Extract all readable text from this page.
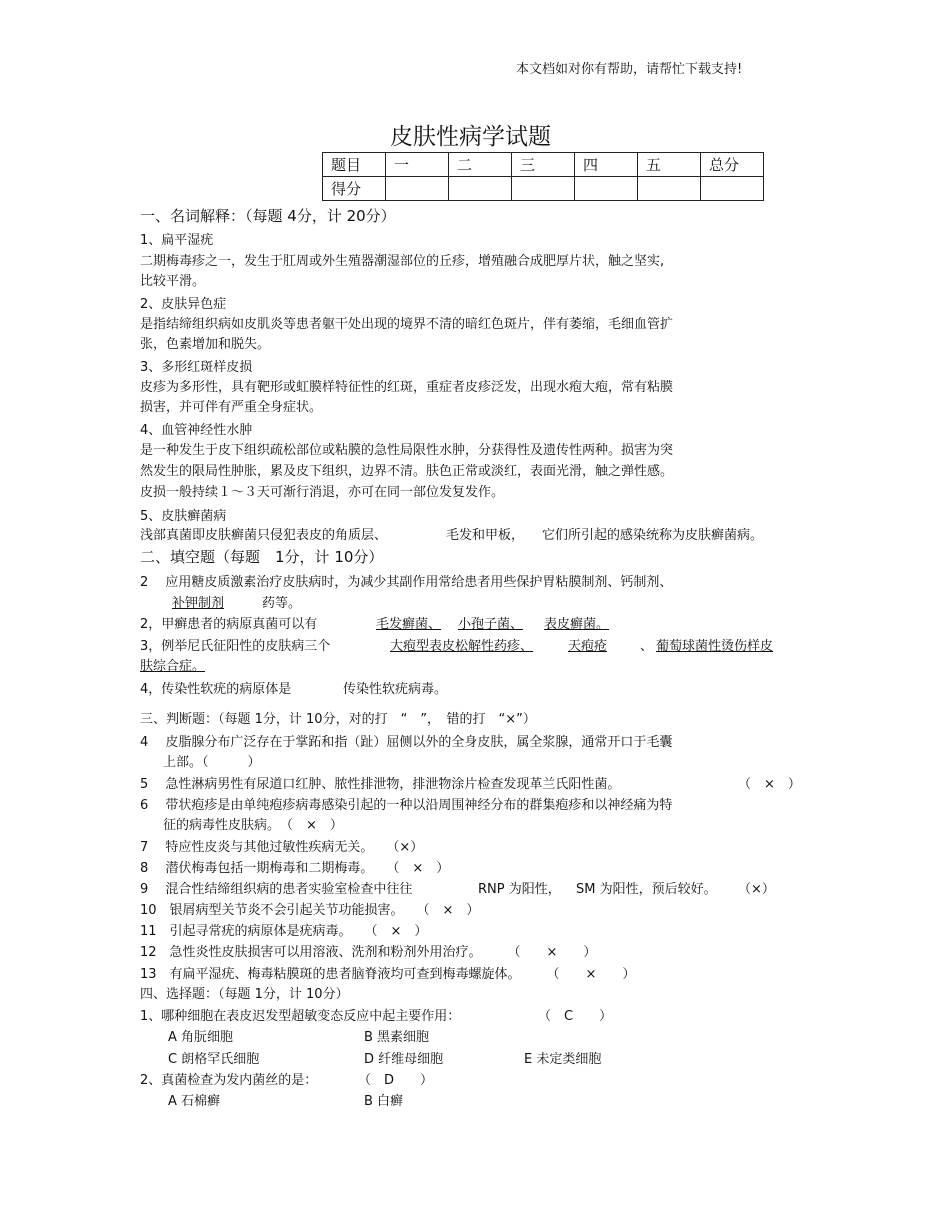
本文档如对你有帮助，请帮忙下载支持!
皮肤性病学试题
题目	一	二	三	四	五	总分
得分						
一、名词解释：（每题 4分，计 20分）
1、扁平湿疣
二期梅毒疹之一，发生于肛周或外生殖器潮湿部位的丘疹，增殖融合成肥厚片状，触之坚实,
比较平滑。
2、皮肤异色症
是指结缔组织病如皮肌炎等患者躯干处出现的境界不清的暗红色斑片，伴有萎缩，毛细血管扩
张，色素增加和脱失。
3、多形红斑样皮损
皮疹为多形性，具有靶形或虹膜样特征性的红斑，重症者皮疹泛发，出现水疱大疱，常有粘膜
损害，并可伴有严重全身症状。
4、血管神经性水肿
是一种发生于皮下组织疏松部位或粘膜的急性局限性水肿，分获得性及遗传性两种。损害为突
然发生的限局性肿胀，累及皮下组织，边界不清。肤色正常或淡红，表面光滑，触之弹性感。
皮损一般持续１～３天可渐行消退，亦可在同一部位发复发作。
5、皮肤癣菌病
浅部真菌即皮肤癣菌只侵犯表皮的角质层、	毛发和甲板， 它们所引起的感染统称为皮肤癣菌病。
二、填空题（每题　1分，计 10分）
2　 应用糖皮质激素治疗皮肤病时，为减少其副作用常给患者用些保护胃粘膜制剂、钙制剂、
补钾制剂	药等。
2，甲癣患者的病原真菌可以有	毛发癣菌、 小孢子菌、 表皮癣菌。
3，例举尼氏征阳性的皮肤病三个	大疱型表皮松解性药疹、	天疱疮	、 葡萄球菌性烫伤样皮
肤综合症。
4，传染性软疣的病原体是	传染性软疣病毒。
三、判断题：（每题 1分，计 10分，对的打　“　”，　错的打　“×”）
4　 皮脂腺分布广泛存在于掌跖和指（趾）屈侧以外的全身皮肤，属全浆腺，通常开口于毛囊
上部。（　　　）
5　 急性淋病男性有尿道口红肿、脓性排泄物，排泄物涂片检查发现革兰氏阳性菌。	（　×　）
6　 带状疱疹是由单纯疱疹病毒感染引起的一种以沿周围神经分布的群集疱疹和以神经痛为特
征的病毒性皮肤病。　（　×　）
7　 特应性皮炎与其他过敏性疾病无关。　　（×）
8　 潜伏梅毒包括一期梅毒和二期梅毒。　　（　×　）
9　 混合性结缔组织病的患者实验室检查中往往	RNP 为阳性， SM 为阳性，预后较好。 （×）
10　银屑病型关节炎不会引起关节功能损害。　　（　×　）
11　引起寻常疣的病原体是疣病毒。　　（　×　）
12　急性炎性皮肤损害可以用溶液、洗剂和粉剂外用治疗。　　　（　　×　　）
13　有扁平湿疣、梅毒粘膜斑的患者脑脊液均可查到梅毒螺旋体。　　　（　　×　　）
四、选择题：（每题 1分，计 10分）
1、哪种细胞在表皮迟发型超敏变态反应中起主要作用：	（　C　　）
A 角朊细胞	B 黑素细胞
C 朗格罕氏细胞	D 纤维母细胞	E 未定类细胞
2、真菌检查为发内菌丝的是：	（　D　　）
A 石棉癣	B 白癣
